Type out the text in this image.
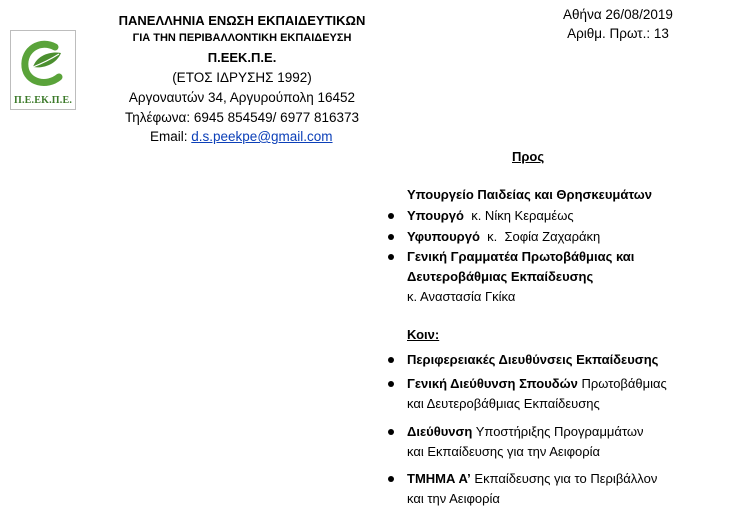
Π.Ε.ΕΚ.Π.Ε.
ΠΑΝΕΛΛΗΝΙΑ ΕΝΩΣΗ ΕΚΠΑΙΔΕΥΤΙΚΩΝ
ΓΙΑ ΤΗΝ ΠΕΡΙΒΑΛΛΟΝΤΙΚΗ ΕΚΠΑΙΔΕΥΣΗ
Π.ΕΕΚ.Π.Ε.
(ΕΤΟΣ ΙΔΡΥΣΗΣ 1992)
Αργοναυτών 34, Αργυρούπολη 16452
Τηλέφωνα: 6945 854549/ 6977 816373
Email: d.s.peekpe@gmail.com
Αθήνα 26/08/2019
Αριθμ. Πρωτ.: 13
Προς
Υπουργείο Παιδείας και Θρησκευμάτων
Υπουργό  κ. Νίκη Κεραμέως
Υφυπουργό  κ.  Σοφία Ζαχαράκη
Γενική Γραμματέα Πρωτοβάθμιας και
Δευτεροβάθμιας Εκπαίδευσης
κ. Αναστασία Γκίκα
Κοιν:
Περιφερειακές Διευθύνσεις Εκπαίδευσης
Γενική Διεύθυνση Σπουδών Πρωτοβάθμιας
και Δευτεροβάθμιας Εκπαίδευσης
Διεύθυνση Υποστήριξης Προγραμμάτων
και Εκπαίδευσης για την Αειφορία
ΤΜΗΜΑ Α’ Εκπαίδευσης για το Περιβάλλον
και την Αειφορία
